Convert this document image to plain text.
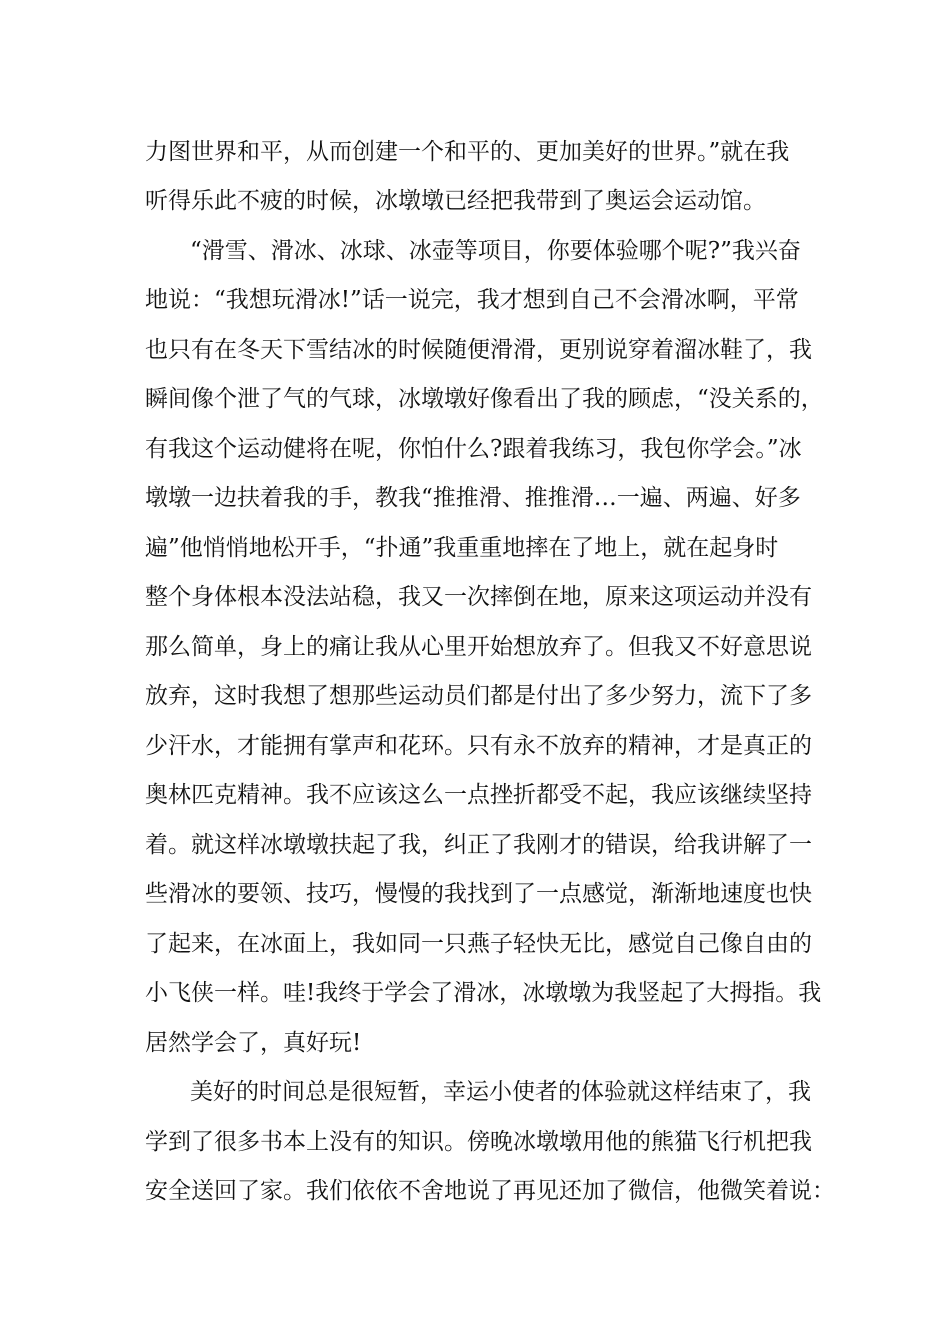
力图世界和平，从而创建一个和平的、更加美好的世界。”就在我
听得乐此不疲的时候，冰墩墩已经把我带到了奥运会运动馆。
“滑雪、滑冰、冰球、冰壶等项目，你要体验哪个呢?”我兴奋
地说：“我想玩滑冰!”话一说完，我才想到自己不会滑冰啊，平常
也只有在冬天下雪结冰的时候随便滑滑，更别说穿着溜冰鞋了，我
瞬间像个泄了气的气球，冰墩墩好像看出了我的顾虑，“没关系的，
有我这个运动健将在呢，你怕什么?跟着我练习，我包你学会。”冰
墩墩一边扶着我的手，教我“推推滑、推推滑…一遍、两遍、好多
遍”他悄悄地松开手，“扑通”我重重地摔在了地上，就在起身时
整个身体根本没法站稳，我又一次摔倒在地，原来这项运动并没有
那么简单，身上的痛让我从心里开始想放弃了。但我又不好意思说
放弃，这时我想了想那些运动员们都是付出了多少努力，流下了多
少汗水，才能拥有掌声和花环。只有永不放弃的精神，才是真正的
奥林匹克精神。我不应该这么一点挫折都受不起，我应该继续坚持
着。就这样冰墩墩扶起了我，纠正了我刚才的错误，给我讲解了一
些滑冰的要领、技巧，慢慢的我找到了一点感觉，渐渐地速度也快
了起来，在冰面上，我如同一只燕子轻快无比，感觉自己像自由的
小飞侠一样。哇!我终于学会了滑冰，冰墩墩为我竖起了大拇指。我
居然学会了，真好玩!
美好的时间总是很短暂，幸运小使者的体验就这样结束了，我
学到了很多书本上没有的知识。傍晚冰墩墩用他的熊猫飞行机把我
安全送回了家。我们依依不舍地说了再见还加了微信，他微笑着说：
